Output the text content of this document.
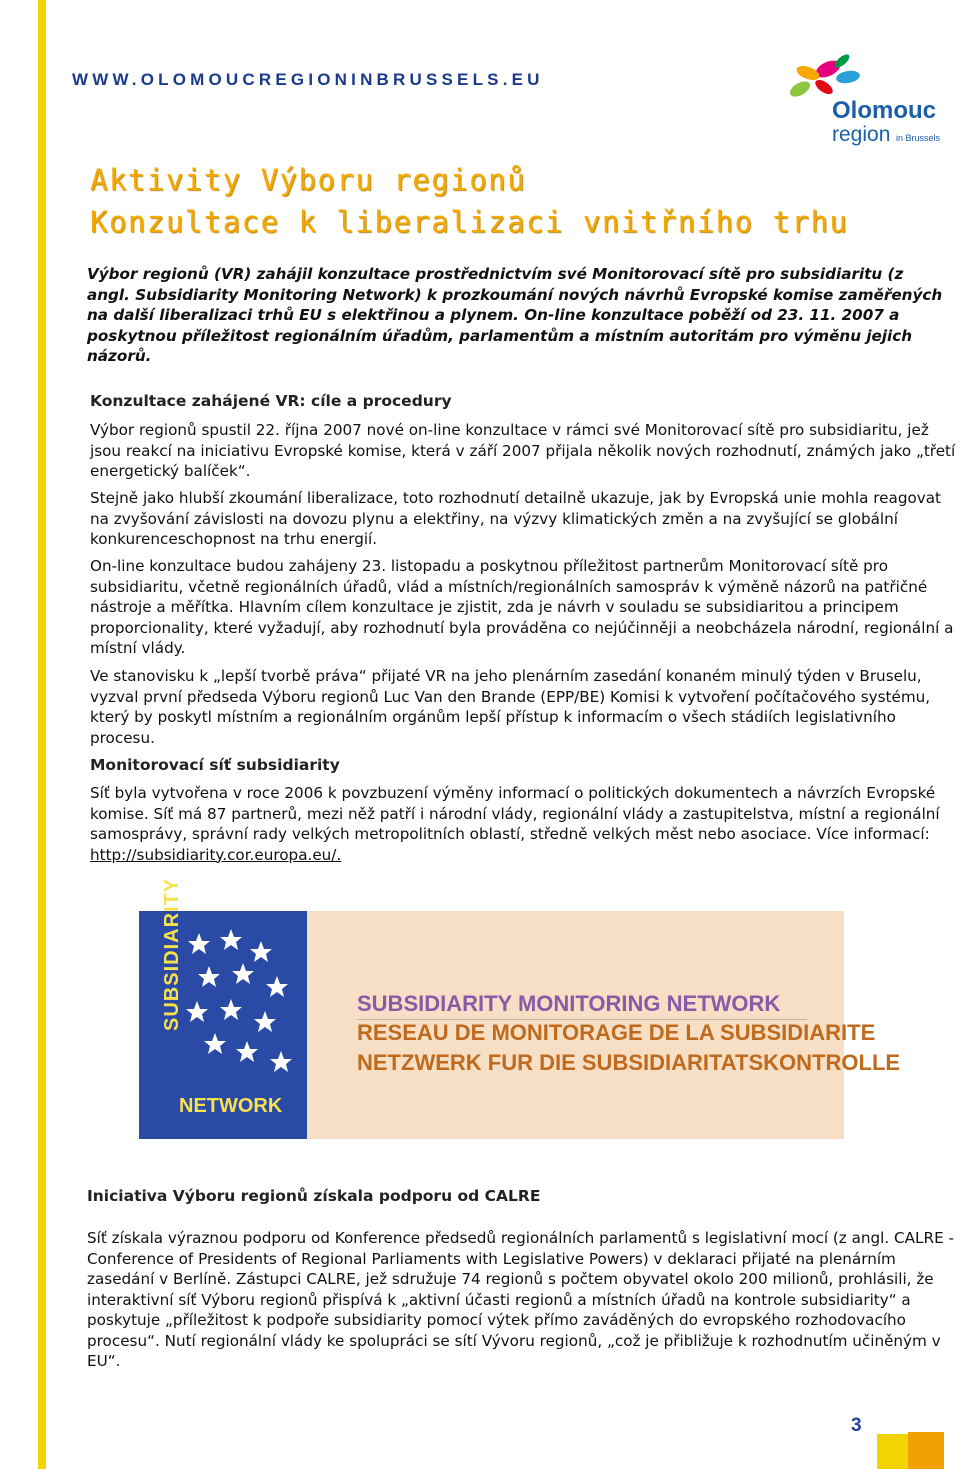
WWW.OLOMOUCREGIONINBRUSSELS.EU
Olomouc
region in Brussels
Aktivity Výboru regionů
Konzultace k liberalizaci vnitřního trhu
Výbor regionů (VR) zahájil konzultace prostřednictvím své Monitorovací sítě pro subsidiaritu (z angl. Subsidiarity Monitoring Network) k prozkoumání nových návrhů Evropské komise zaměřených na další liberalizaci trhů EU s elektřinou a plynem. On-line konzultace poběží od 23. 11. 2007 a poskytnou příležitost regionálním úřadům, parlamentům a místním autoritám pro výměnu jejich názorů.
Konzultace zahájené VR: cíle a procedury
Výbor regionů spustil 22. října 2007 nové on-line konzultace v rámci své Monitorovací sítě pro subsidiaritu, jež jsou reakcí na iniciativu Evropské komise, která v září 2007 přijala několik nových rozhodnutí, známých jako „třetí energetický balíček“.
Stejně jako hlubší zkoumání liberalizace, toto rozhodnutí detailně ukazuje, jak by Evropská unie mohla reagovat na zvyšování závislosti na dovozu plynu a elektřiny, na výzvy klimatických změn a na zvyšující se globální konkurenceschopnost na trhu energií.
On-line konzultace budou zahájeny 23. listopadu a poskytnou příležitost partnerům Monitorovací sítě pro subsidiaritu, včetně regionálních úřadů, vlád a místních/regionálních samospráv k výměně názorů na patřičné nástroje a měřítka. Hlavním cílem konzultace je zjistit, zda je návrh v souladu se subsidiaritou a principem proporcionality, které vyžadují, aby rozhodnutí byla prováděna co nejúčinněji a neobcházela národní, regionální a místní vlády.
Ve stanovisku k „lepší tvorbě práva“ přijaté VR na jeho plenárním zasedání konaném minulý týden v Bruselu, vyzval první předseda Výboru regionů Luc Van den Brande (EPP/BE) Komisi k vytvoření počítačového systému, který by poskytl místním a regionálním orgánům lepší přístup k informacím o všech stádiích legislativního procesu.
Monitorovací síť subsidiarity
Síť byla vytvořena v roce 2006 k povzbuzení výměny informací o politických dokumentech a návrzích Evropské komise. Síť má 87 partnerů, mezi něž patří i národní vlády, regionální vlády a zastupitelstva, místní a regionální samosprávy, správní rady velkých metropolitních oblastí, středně velkých měst nebo asociace. Více informací: http://subsidiarity.cor.europa.eu/.
SUBSIDIARITY
NETWORK
SUBSIDIARITY MONITORING NETWORK
RESEAU DE MONITORAGE DE LA SUBSIDIARITE
NETZWERK FUR DIE SUBSIDIARITATSKONTROLLE
Iniciativa Výboru regionů získala podporu od CALRE
Síť získala výraznou podporu od Konference předsedů regionálních parlamentů s legislativní mocí (z angl. CALRE - Conference of Presidents of Regional Parliaments with Legislative Powers) v deklaraci přijaté na plenárním zasedání v Berlíně. Zástupci CALRE, jež sdružuje 74 regionů s počtem obyvatel okolo 200 milionů, prohlásili, že interaktivní síť Výboru regionů přispívá k „aktivní účasti regionů a místních úřadů na kontrole subsidiarity“ a poskytuje „příležitost k podpoře subsidiarity pomocí výtek přímo zaváděných do evropského rozhodovacího procesu“. Nutí regionální vlády ke spolupráci se sítí Vývoru regionů, „což je přibližuje k rozhodnutím učiněným v EU“.
3
